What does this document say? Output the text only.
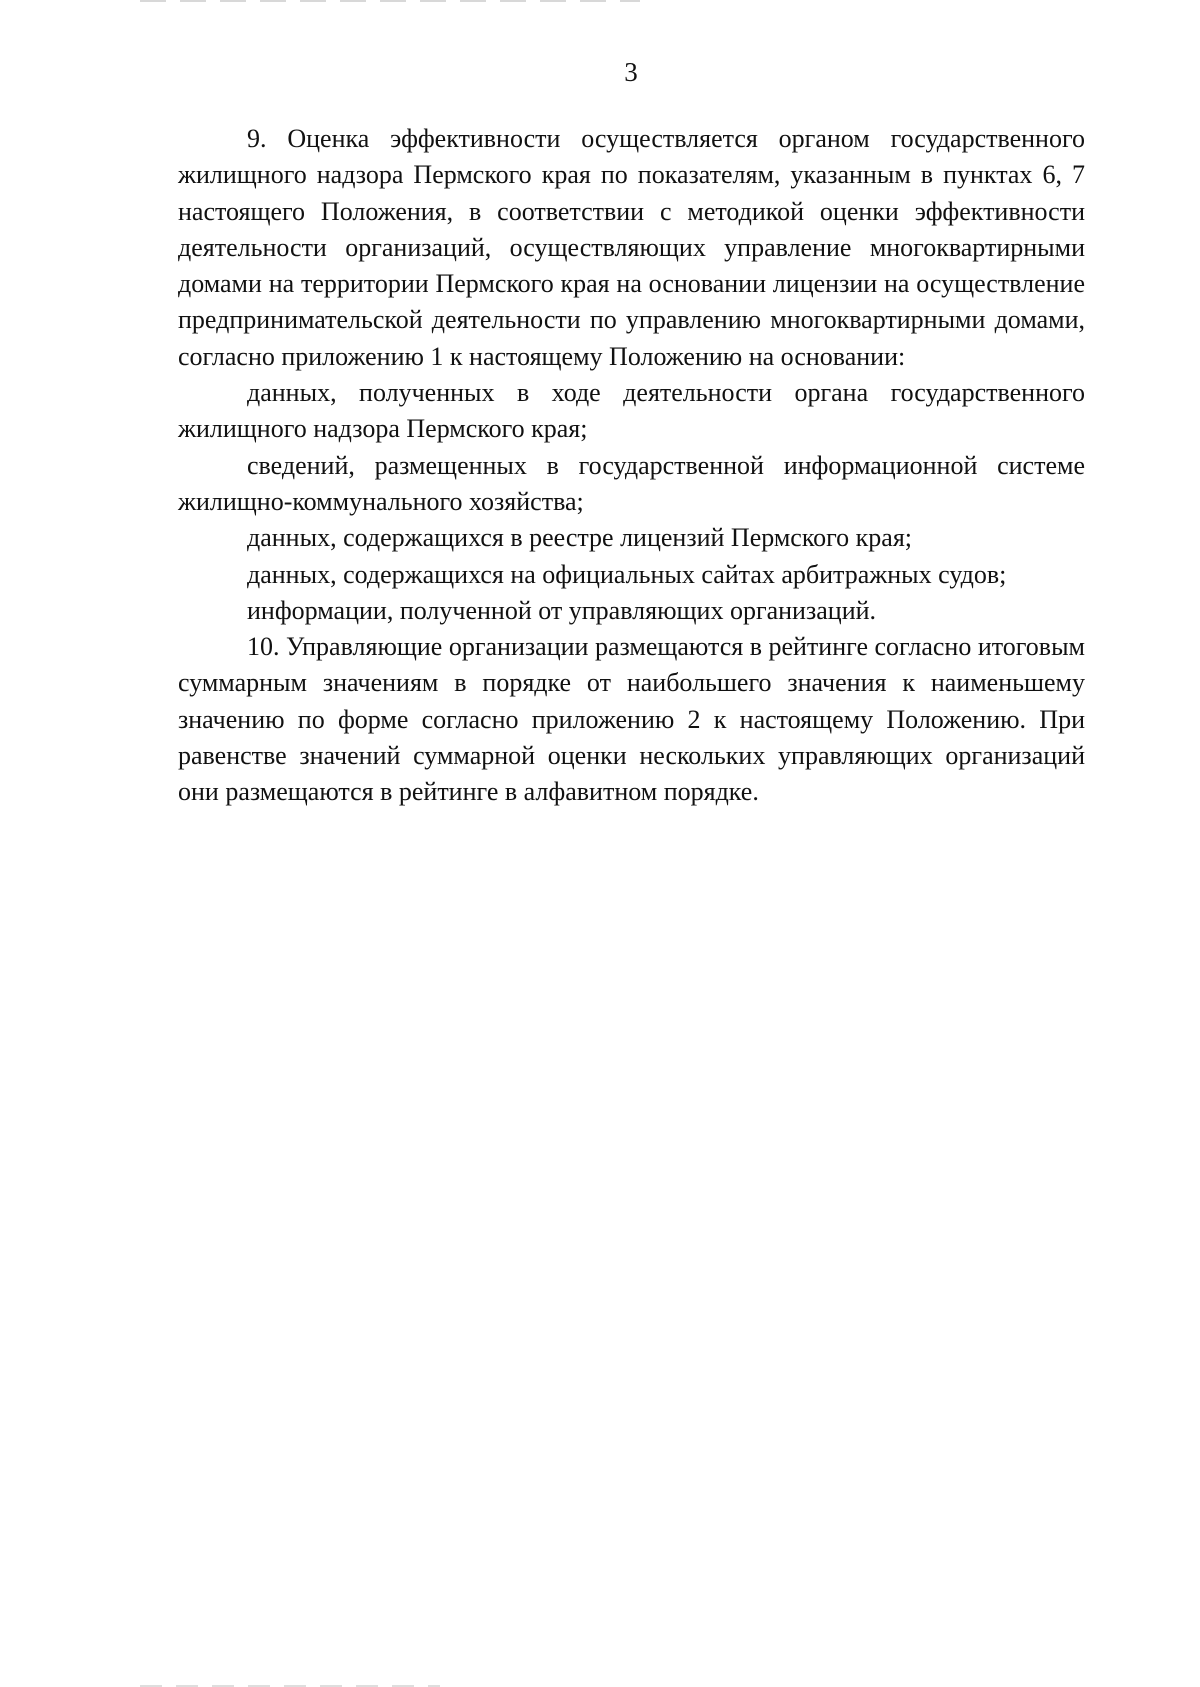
3

9. Оценка эффективности осуществляется органом государственного жилищного надзора Пермского края по показателям, указанным в пунктах 6, 7 настоящего Положения, в соответствии с методикой оценки эффективности деятельности организаций, осуществляющих управление многоквартирными домами на территории Пермского края на основании лицензии на осуществление предпринимательской деятельности по управлению многоквартирными домами, согласно приложению 1 к настоящему Положению на основании:

данных, полученных в ходе деятельности органа государственного жилищного надзора Пермского края;

сведений, размещенных в государственной информационной системе жилищно-коммунального хозяйства;

данных, содержащихся в реестре лицензий Пермского края;

данных, содержащихся на официальных сайтах арбитражных судов;

информации, полученной от управляющих организаций.

10. Управляющие организации размещаются в рейтинге согласно итоговым суммарным значениям в порядке от наибольшего значения к наименьшему значению по форме согласно приложению 2 к настоящему Положению. При равенстве значений суммарной оценки нескольких управляющих организаций они размещаются в рейтинге в алфавитном порядке.
